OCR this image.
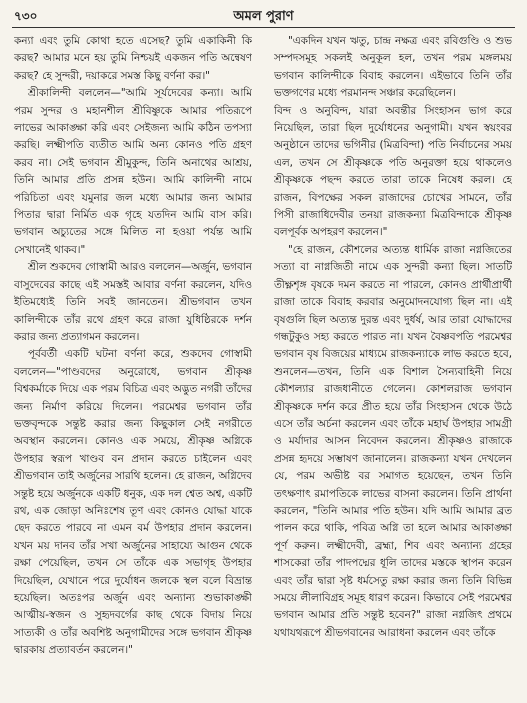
৭৩০	অমল পুরাণ

কন্যা এবং তুমি কোথা হতে এসেছ? তুমি একাকিনী কি করছ? আমার মনে হয় তুমি নিশ্চয়ই একজন পতি অন্বেষণ করছ? হে সুন্দরী, দয়াকরে সমস্ত কিছু বর্ণনা কর।"

শ্রীকালিন্দী বললেন—"আমি সূর্যদেবের কন্যা। আমি পরম সুন্দর ও মহানশীল শ্রীবিষ্ণুকে আমার পতিরূপে লাভের আকাঙ্ক্ষা করি এবং সেইজন্য আমি কঠিন তপস্যা করছি। লক্ষ্মীপতি ব্যতীত আমি অন্য কোনও পতি গ্রহণ করব না। সেই ভগবান শ্রীমুকুন্দ, তিনি অনাথের আশ্রয়, তিনি আমার প্রতি প্রসন্ন হউন। আমি কালিন্দী নামে পরিচিতা এবং যমুনার জল মধ্যে আমার জন্য আমার পিতার দ্বারা নির্মিত এক গৃহে যতদিন আমি বাস করি। ভগবান অচ্যুতের সঙ্গে মিলিত না হওয়া পর্যন্ত আমি সেখানেই থাকব।"

শ্রীল শুকদেব গোস্বামী আরও বললেন—অর্জুন, ভগবান বাসুদেবের কাছে এই সমস্তই আবার বর্ণনা করলেন, যদিও ইতিমধ্যেই তিনি সবই জানতেন। শ্রীভগবান তখন কালিন্দীকে তাঁর রথে গ্রহণ করে রাজা যুধিষ্ঠিরকে দর্শন করার জন্য প্রত্যাগমন করলেন।

পূর্ববর্তী একটি ঘটনা বর্ণনা করে, শুকদেব গোস্বামী বললেন—"পাণ্ডবদের অনুরোধে, ভগবান শ্রীকৃষ্ণ বিশ্বকর্মাকে দিয়ে এক পরম বিচিত্র এবং অদ্ভুত নগরী তাঁদের জন্য নির্মাণ করিয়ে দিলেন। পরমেশ্বর ভগবান তাঁর ভক্তবৃন্দকে সন্তুষ্ট করার জন্য কিছুকাল সেই নগরীতে অবস্থান করলেন। কোনও এক সময়ে, শ্রীকৃষ্ণ অগ্নিকে উপহার স্বরূপ খাণ্ডব বন প্রদান করতে চাইলেন এবং শ্রীভগবান তাই অর্জুনের সারথি হলেন। হে রাজন, অগ্নিদেব সন্তুষ্ট হয়ে অর্জুনকে একটি ধনুক, এক দল শ্বেত অশ্ব, একটি রথ, এক জোড়া অনিঃশেষ তূণ এবং কোনও যোদ্ধা যাকে ছেদ করতে পারবে না এমন বর্ম উপহার প্রদান করলেন। যখন ময় দানব তাঁর সখা অর্জুনের সাহায্যে আগুন থেকে রক্ষা পেয়েছিল, তখন সে তাঁকে এক সভাগৃহ উপহার দিয়েছিল, যেখানে পরে দুর্যোধন জলকে স্থল বলে বিভ্রান্ত হয়েছিল। অতঃপর অর্জুন এবং অন্যান্য শুভাকাঙ্ক্ষী আত্মীয়-স্বজন ও সুহৃদবর্গের কাছ থেকে বিদায় নিয়ে সাত্যকী ও তাঁর অবশিষ্ট অনুগামীদের সঙ্গে ভগবান শ্রীকৃষ্ণ দ্বারকায় প্রত্যাবর্তন করলেন।"

"একদিন যখন ঋতু, চান্দ্র নক্ষত্র এবং রবিগুণ্ডি ও শুভ সম্পদসমূহ সকলই অনুকূল হল, তখন পরম মঙ্গলময় ভগবান কালিন্দীকে বিবাহ করলেন। এইভাবে তিনি তাঁর ভক্তগণের মধ্যে পরমানন্দ সঞ্চার করেছিলেন।

বিন্দ ও অনুবিন্দ, যারা অবন্তীর সিংহাসন ভাগ করে নিয়েছিল, তারা ছিল দুর্যোধনের অনুগামী। যখন স্বয়ংবর অনুষ্ঠানে তাদের ভগিনীর (মিত্রবিন্দা) পতি নির্বাচনের সময় এল, তখন সে শ্রীকৃষ্ণকে পতি অনুরক্তা হয়ে থাকলেও শ্রীকৃষ্ণকে পছন্দ করতে তারা তাকে নিষেধ করল। হে রাজন, বিপক্ষের সকল রাজাদের চোখের সামনে, তাঁর পিসী রাজাধিদেবীর তনয়া রাজকন্যা মিত্রবিন্দাকে শ্রীকৃষ্ণ বলপূর্বক অপহরণ করলেন।"

"হে রাজন, কৌশলের অত্যন্ত ধার্মিক রাজা নগ্নজিতের সত্যা বা নাগ্নজিতী নামে এক সুন্দরী কন্যা ছিল। সাতটি তীক্ষ্ণশৃঙ্গ বৃষকে দমন করতে না পারলে, কোনও প্রার্থীপ্রার্থী রাজা তাকে বিবাহ করবার অনুমোদনযোগ্য ছিল না। এই বৃষগুলি ছিল অত্যন্ত দুরন্ত এবং দুর্ধর্ষ, আর তারা যোদ্ধাদের গন্ধটুকুও সহ্য করতে পারত না। যখন বৈষ্ণবপতি পরমেশ্বর ভগবান বৃষ বিজয়ের মাধ্যমে রাজকন্যাকে লাভ করতে হবে, শুনলেন—তখন, তিনি এক বিশাল সৈন্যবাহিনী নিয়ে কৌশল্যার রাজধানীতে গেলেন। কোশলরাজ ভগবান শ্রীকৃষ্ণকে দর্শন করে প্রীত হয়ে তাঁর সিংহাসন থেকে উঠে এসে তাঁর অর্চনা করলেন এবং তাঁকে মহার্ঘ উপহার সামগ্রী ও মর্যাদার আসন নিবেদন করলেন। শ্রীকৃষ্ণও রাজাকে প্রসন্ন হৃদয়ে সম্ভাষণ জানালেন। রাজকন্যা যখন দেখলেন যে, পরম অভীষ্ট বর সমাগত হয়েছেন, তখন তিনি তৎক্ষণাৎ রমাপতিকে লাভের বাসনা করলেন। তিনি প্রার্থনা করলেন, "তিনি আমার পতি হউন। যদি আমি আমার ব্রত পালন করে থাকি, পবিত্র অগ্নি তা হলে আমার আকাঙ্ক্ষা পূর্ণ করুন। লক্ষ্মীদেবী, ব্রহ্মা, শিব এবং অন্যান্য গ্রহের শাসকেরা তাঁর পাদপদ্মের ধূলি তাদের মস্তকে স্থাপন করেন এবং তাঁর দ্বারা সৃষ্ট ধর্মসেতু রক্ষা করার জন্য তিনি বিভিন্ন সময়ে লীলাবিগ্রহ সমূহ ধারণ করেন। কিভাবে সেই পরমেশ্বর ভগবান আমার প্রতি সন্তুষ্ট হবেন?" রাজা নগ্নজিৎ প্রথমে যথাযথরূপে শ্রীভগবানের আরাধনা করলেন এবং তাঁকে
